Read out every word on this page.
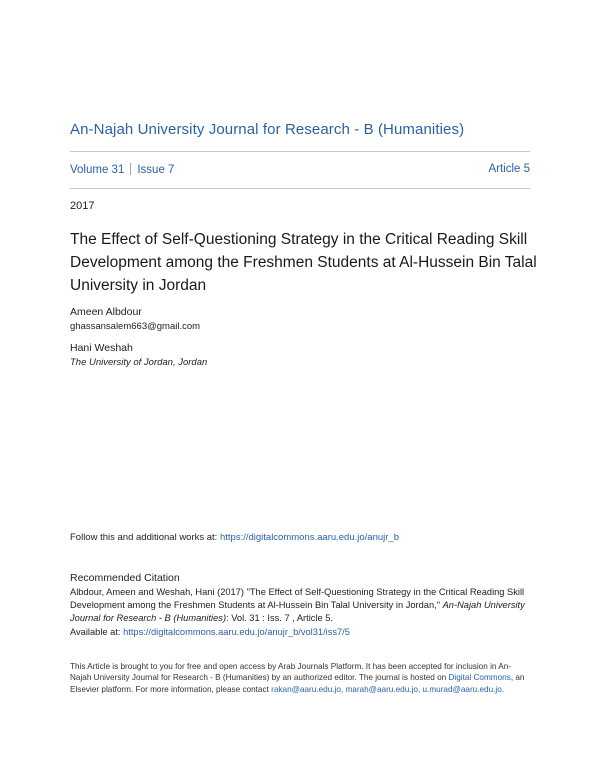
An-Najah University Journal for Research - B (Humanities)
Volume 31 Issue 7	Article 5
2017
The Effect of Self-Questioning Strategy in the Critical Reading Skill Development among the Freshmen Students at Al-Hussein Bin Talal University in Jordan
Ameen Albdour
ghassansalem663@gmail.com
Hani Weshah
The University of Jordan, Jordan
Follow this and additional works at: https://digitalcommons.aaru.edu.jo/anujr_b
Recommended Citation
Albdour, Ameen and Weshah, Hani (2017) "The Effect of Self-Questioning Strategy in the Critical Reading Skill Development among the Freshmen Students at Al-Hussein Bin Talal University in Jordan," An-Najah University Journal for Research - B (Humanities): Vol. 31 : Iss. 7 , Article 5.
Available at: https://digitalcommons.aaru.edu.jo/anujr_b/vol31/iss7/5
This Article is brought to you for free and open access by Arab Journals Platform. It has been accepted for inclusion in An-Najah University Journal for Research - B (Humanities) by an authorized editor. The journal is hosted on Digital Commons, an Elsevier platform. For more information, please contact rakan@aaru.edu.jo, marah@aaru.edu.jo, u.murad@aaru.edu.jo.
